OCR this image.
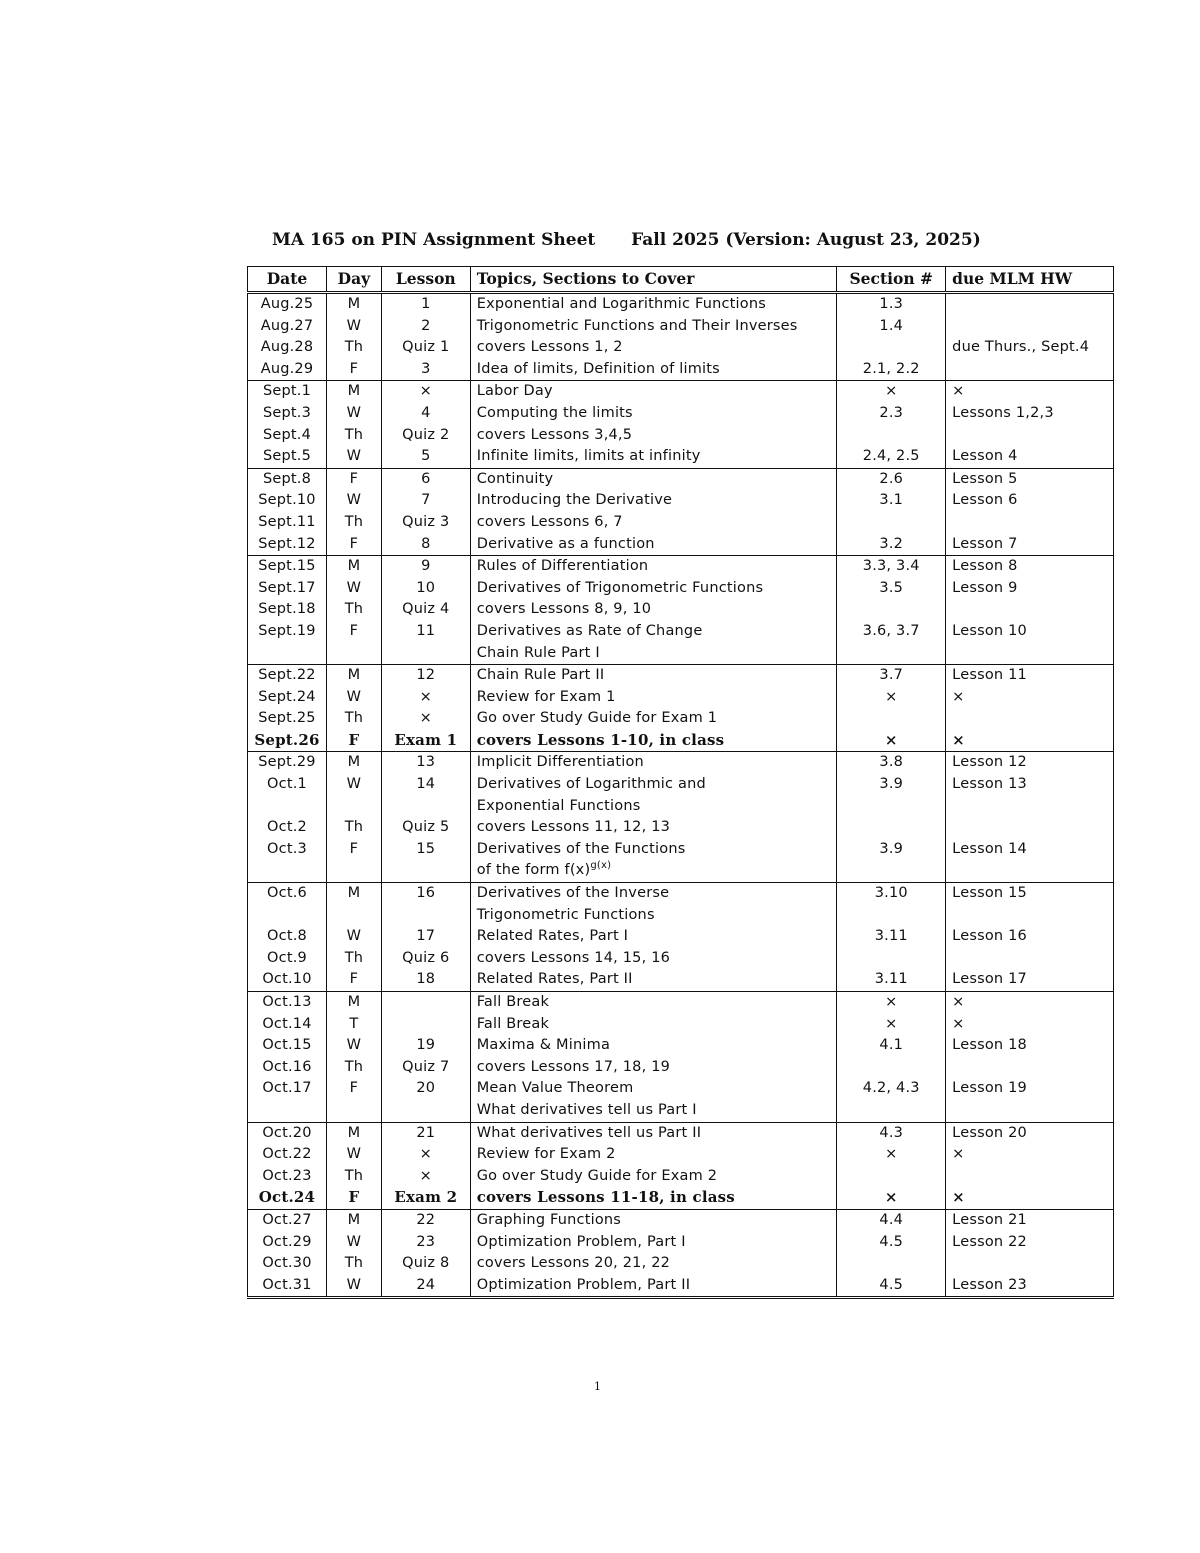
MA 165 on PIN Assignment Sheet Fall 2025 (Version: August 23, 2025)
Date	Day	Lesson	Topics, Sections to Cover	Section #	due MLM HW
Aug.25	M	1	Exponential and Logarithmic Functions	1.3	
Aug.27	W	2	Trigonometric Functions and Their Inverses	1.4	
Aug.28	Th	Quiz 1	covers Lessons 1, 2		due Thurs., Sept.4
Aug.29	F	3	Idea of limits, Definition of limits	2.1, 2.2	
Sept.1	M	×	Labor Day	×	×
Sept.3	W	4	Computing the limits	2.3	Lessons 1,2,3
Sept.4	Th	Quiz 2	covers Lessons 3,4,5		
Sept.5	W	5	Infinite limits, limits at infinity	2.4, 2.5	Lesson 4
Sept.8	F	6	Continuity	2.6	Lesson 5
Sept.10	W	7	Introducing the Derivative	3.1	Lesson 6
Sept.11	Th	Quiz 3	covers Lessons 6, 7		
Sept.12	F	8	Derivative as a function	3.2	Lesson 7
Sept.15	M	9	Rules of Differentiation	3.3, 3.4	Lesson 8
Sept.17	W	10	Derivatives of Trigonometric Functions	3.5	Lesson 9
Sept.18	Th	Quiz 4	covers Lessons 8, 9, 10		
Sept.19	F	11	Derivatives as Rate of Change	3.6, 3.7	Lesson 10
			Chain Rule Part I		
Sept.22	M	12	Chain Rule Part II	3.7	Lesson 11
Sept.24	W	×	Review for Exam 1	×	×
Sept.25	Th	×	Go over Study Guide for Exam 1		
Sept.26	F	Exam 1	covers Lessons 1-10, in class	×	×
Sept.29	M	13	Implicit Differentiation	3.8	Lesson 12
Oct.1	W	14	Derivatives of Logarithmic and	3.9	Lesson 13
			Exponential Functions		
Oct.2	Th	Quiz 5	covers Lessons 11, 12, 13		
Oct.3	F	15	Derivatives of the Functions	3.9	Lesson 14
			of the form $f(x)^{g(x)}$		
Oct.6	M	16	Derivatives of the Inverse	3.10	Lesson 15
			Trigonometric Functions		
Oct.8	W	17	Related Rates, Part I	3.11	Lesson 16
Oct.9	Th	Quiz 6	covers Lessons 14, 15, 16		
Oct.10	F	18	Related Rates, Part II	3.11	Lesson 17
Oct.13	M		Fall Break	×	×
Oct.14	T		Fall Break	×	×
Oct.15	W	19	Maxima & Minima	4.1	Lesson 18
Oct.16	Th	Quiz 7	covers Lessons 17, 18, 19		
Oct.17	F	20	Mean Value Theorem	4.2, 4.3	Lesson 19
			What derivatives tell us Part I		
Oct.20	M	21	What derivatives tell us Part II	4.3	Lesson 20
Oct.22	W	×	Review for Exam 2	×	×
Oct.23	Th	×	Go over Study Guide for Exam 2		
Oct.24	F	Exam 2	covers Lessons 11-18, in class	×	×
Oct.27	M	22	Graphing Functions	4.4	Lesson 21
Oct.29	W	23	Optimization Problem, Part I	4.5	Lesson 22
Oct.30	Th	Quiz 8	covers Lessons 20, 21, 22		
Oct.31	W	24	Optimization Problem, Part II	4.5	Lesson 23
1
